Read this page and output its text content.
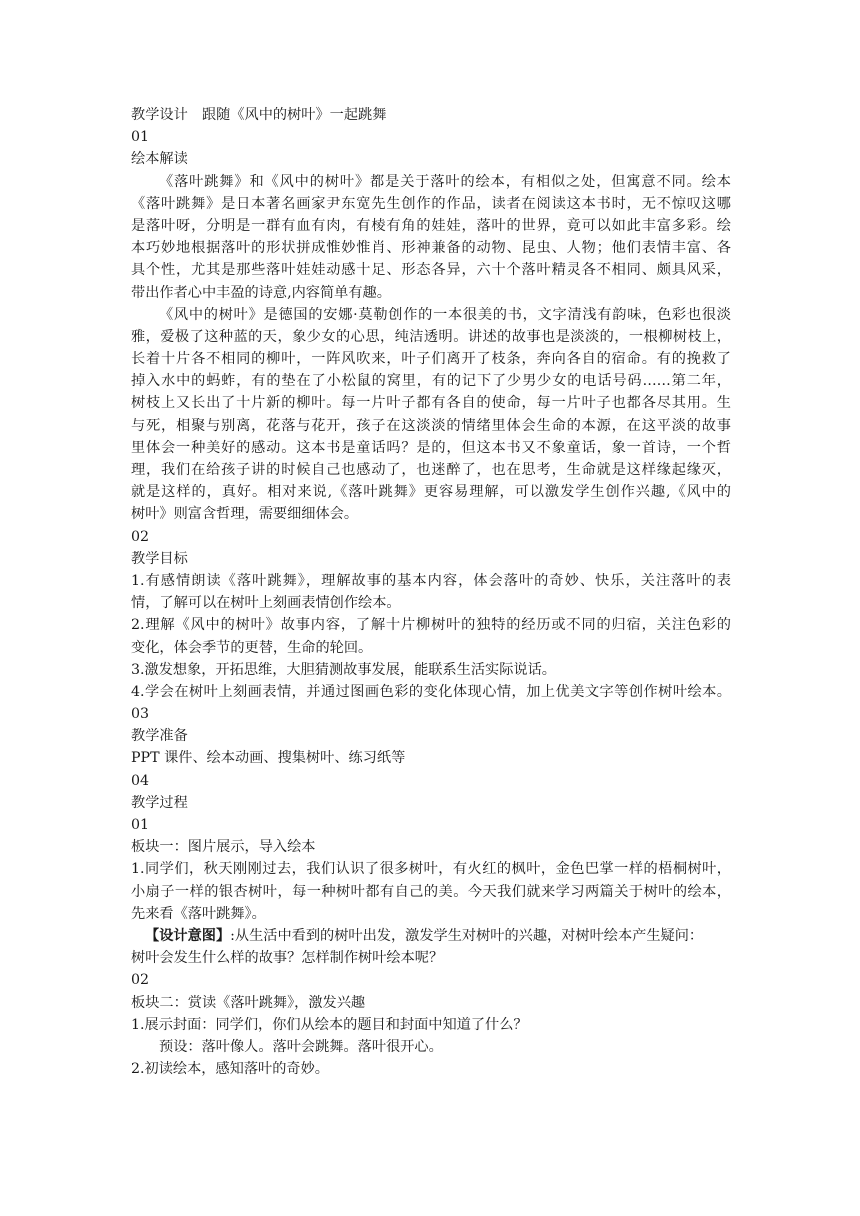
教学设计　跟随《风中的树叶》一起跳舞
01
绘本解读
《落叶跳舞》和《风中的树叶》都是关于落叶的绘本，有相似之处，但寓意不同。绘本
《落叶跳舞》是日本著名画家尹东宽先生创作的作品，读者在阅读这本书时，无不惊叹这哪
是落叶呀，分明是一群有血有肉，有棱有角的娃娃，落叶的世界，竟可以如此丰富多彩。绘
本巧妙地根据落叶的形状拼成惟妙惟肖、形神兼备的动物、昆虫、人物；他们表情丰富、各
具个性，尤其是那些落叶娃娃动感十足、形态各异，六十个落叶精灵各不相同、颇具风采，
带出作者心中丰盈的诗意,内容简单有趣。
《风中的树叶》是德国的安娜·莫勒创作的一本很美的书，文字清浅有韵味，色彩也很淡
雅，爱极了这种蓝的天，象少女的心思，纯洁透明。讲述的故事也是淡淡的，一根柳树枝上，
长着十片各不相同的柳叶，一阵风吹来，叶子们离开了枝条，奔向各自的宿命。有的挽救了
掉入水中的蚂蚱，有的垫在了小松鼠的窝里，有的记下了少男少女的电话号码……第二年，
树枝上又长出了十片新的柳叶。每一片叶子都有各自的使命，每一片叶子也都各尽其用。生
与死，相聚与别离，花落与花开，孩子在这淡淡的情绪里体会生命的本源，在这平淡的故事
里体会一种美好的感动。这本书是童话吗？是的，但这本书又不象童话，象一首诗，一个哲
理，我们在给孩子讲的时候自己也感动了，也迷醉了，也在思考，生命就是这样缘起缘灭，
就是这样的，真好。相对来说,《落叶跳舞》更容易理解，可以激发学生创作兴趣,《风中的
树叶》则富含哲理，需要细细体会。
02
教学目标
1.有感情朗读《落叶跳舞》，理解故事的基本内容，体会落叶的奇妙、快乐，关注落叶的表
情，了解可以在树叶上刻画表情创作绘本。
2.理解《风中的树叶》故事内容，了解十片柳树叶的独特的经历或不同的归宿，关注色彩的
变化，体会季节的更替，生命的轮回。
3.激发想象，开拓思维，大胆猜测故事发展，能联系生活实际说话。
4.学会在树叶上刻画表情，并通过图画色彩的变化体现心情，加上优美文字等创作树叶绘本。
03
教学准备
PPT 课件、绘本动画、搜集树叶、练习纸等
04
教学过程
01
板块一：图片展示，导入绘本
1.同学们，秋天刚刚过去，我们认识了很多树叶，有火红的枫叶，金色巴掌一样的梧桐树叶，
小扇子一样的银杏树叶，每一种树叶都有自己的美。今天我们就来学习两篇关于树叶的绘本，
先来看《落叶跳舞》。
【设计意图】:从生活中看到的树叶出发，激发学生对树叶的兴趣，对树叶绘本产生疑问：
树叶会发生什么样的故事？怎样制作树叶绘本呢？
02
板块二：赏读《落叶跳舞》，激发兴趣
1.展示封面：同学们，你们从绘本的题目和封面中知道了什么？
预设：落叶像人。落叶会跳舞。落叶很开心。
2.初读绘本，感知落叶的奇妙。
